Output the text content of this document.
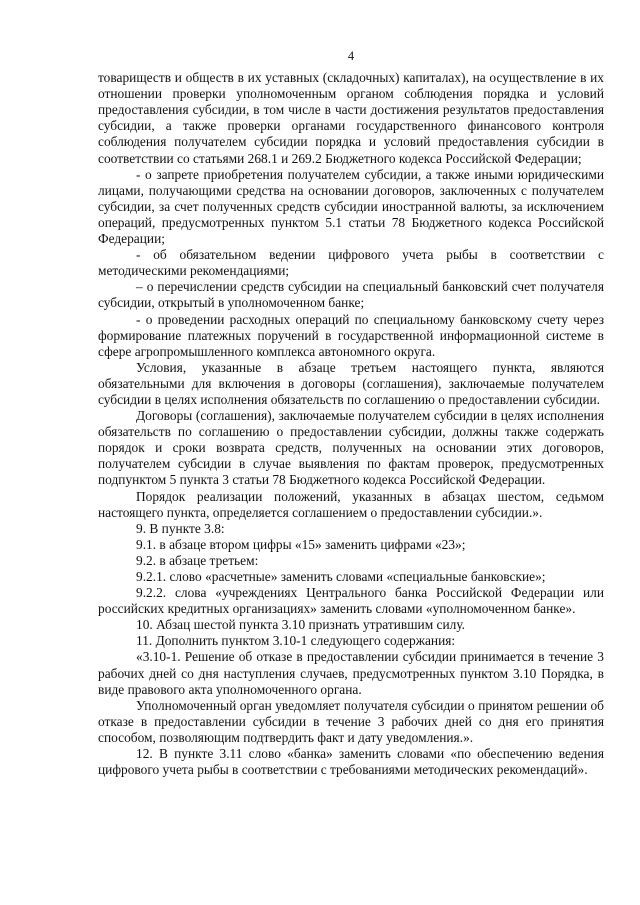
4

товариществ и обществ в их уставных (складочных) капиталах), на осуществление в их отношении проверки уполномоченным органом соблюдения порядка и условий предоставления субсидии, в том числе в части достижения результатов предоставления субсидии, а также проверки органами государственного финансового контроля соблюдения получателем субсидии порядка и условий предоставления субсидии в соответствии со статьями 268.1 и 269.2 Бюджетного кодекса Российской Федерации;

- о запрете приобретения получателем субсидии, а также иными юридическими лицами, получающими средства на основании договоров, заключенных с получателем субсидии, за счет полученных средств субсидии иностранной валюты, за исключением операций, предусмотренных пунктом 5.1 статьи 78 Бюджетного кодекса Российской Федерации;

- об обязательном ведении цифрового учета рыбы в соответствии с методическими рекомендациями;

– о перечислении средств субсидии на специальный банковский счет получателя субсидии, открытый в уполномоченном банке;

- о проведении расходных операций по специальному банковскому счету через формирование платежных поручений в государственной информационной системе в сфере агропромышленного комплекса автономного округа.

Условия, указанные в абзаце третьем настоящего пункта, являются обязательными для включения в договоры (соглашения), заключаемые получателем субсидии в целях исполнения обязательств по соглашению о предоставлении субсидии.

Договоры (соглашения), заключаемые получателем субсидии в целях исполнения обязательств по соглашению о предоставлении субсидии, должны также содержать порядок и сроки возврата средств, полученных на основании этих договоров, получателем субсидии в случае выявления по фактам проверок, предусмотренных подпунктом 5 пункта 3 статьи 78 Бюджетного кодекса Российской Федерации.

Порядок реализации положений, указанных в абзацах шестом, седьмом настоящего пункта, определяется соглашением о предоставлении субсидии.».

9. В пункте 3.8:

9.1. в абзаце втором цифры «15» заменить цифрами «23»;

9.2. в абзаце третьем:

9.2.1. слово «расчетные» заменить словами «специальные банковские»;

9.2.2. слова «учреждениях Центрального банка Российской Федерации или российских кредитных организациях» заменить словами «уполномоченном банке».

10. Абзац шестой пункта 3.10 признать утратившим силу.

11. Дополнить пунктом 3.10-1 следующего содержания:

«3.10-1. Решение об отказе в предоставлении субсидии принимается в течение 3 рабочих дней со дня наступления случаев, предусмотренных пунктом 3.10 Порядка, в виде правового акта уполномоченного органа.

Уполномоченный орган уведомляет получателя субсидии о принятом решении об отказе в предоставлении субсидии в течение 3 рабочих дней со дня его принятия способом, позволяющим подтвердить факт и дату уведомления.».

12. В пункте 3.11 слово «банка» заменить словами «по обеспечению ведения цифрового учета рыбы в соответствии с требованиями методических рекомендаций».
